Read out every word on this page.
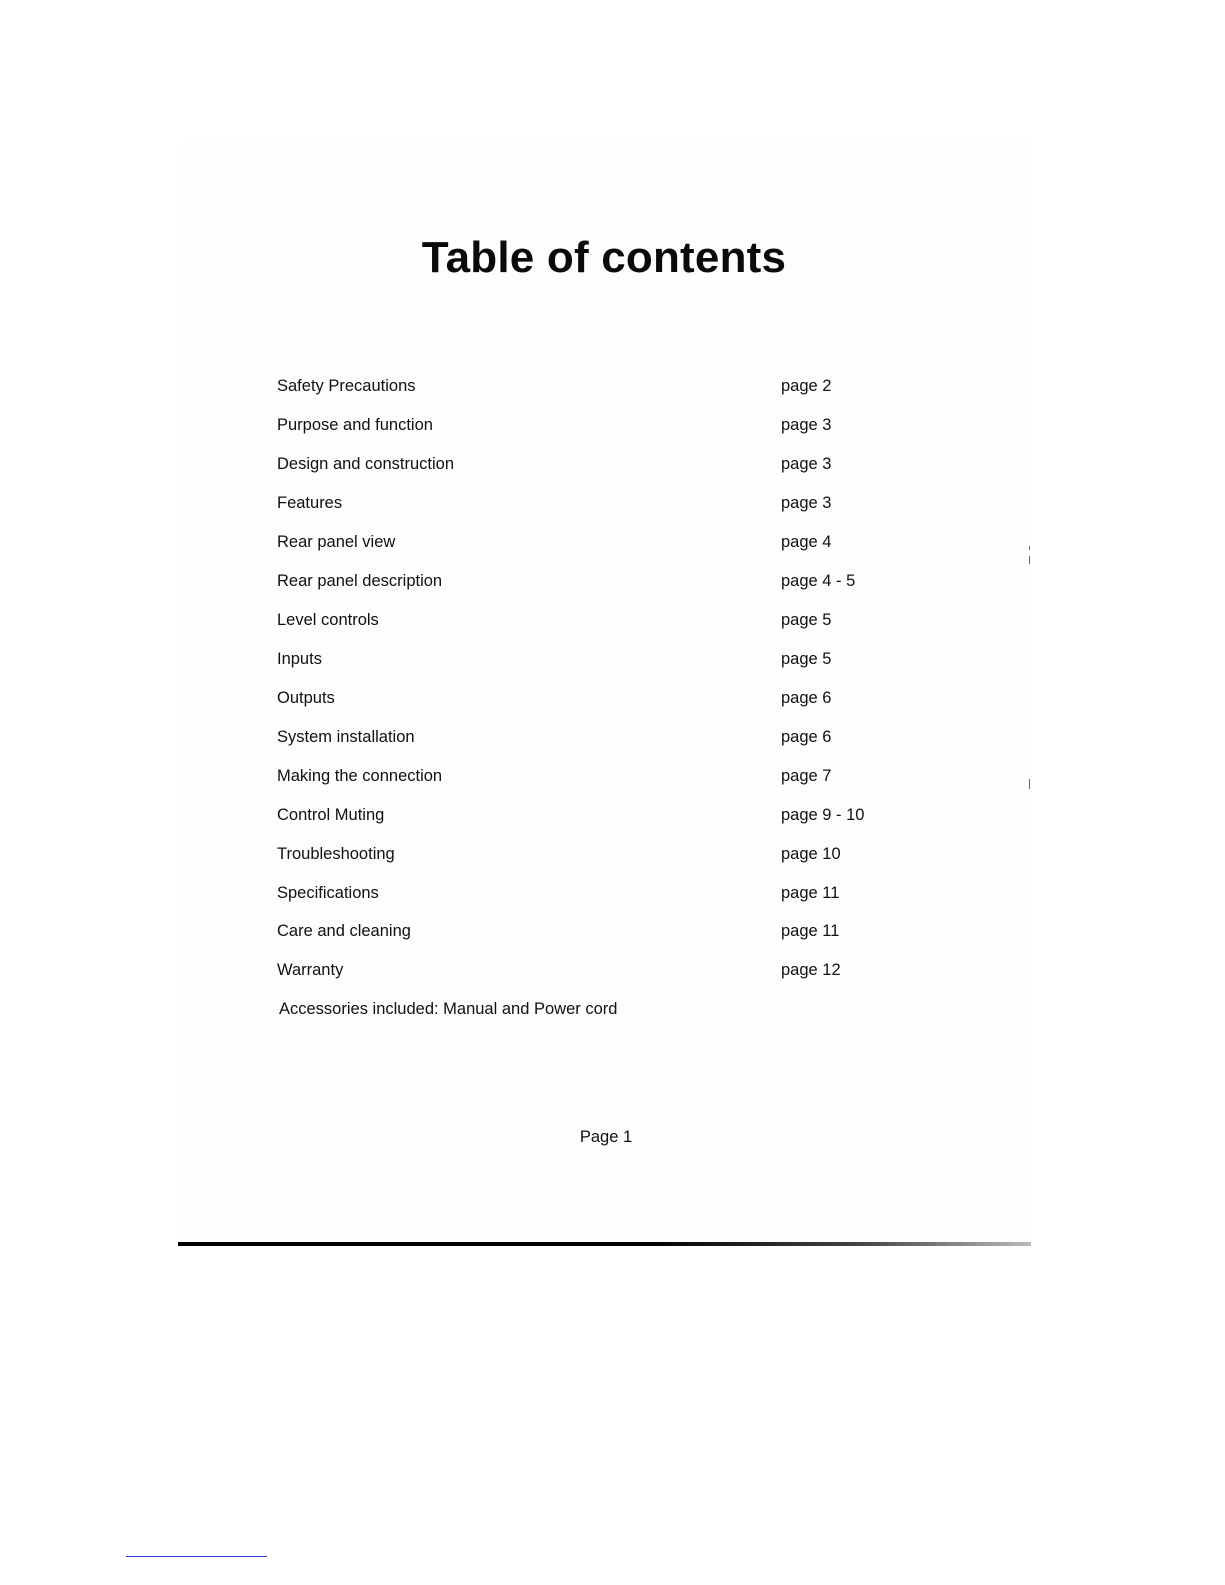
Table of contents
Safety Precautions	page 2
Purpose and function	page 3
Design and construction	page 3
Features	page 3
Rear panel view	page 4
Rear panel description	page 4 - 5
Level controls	page 5
Inputs	page 5
Outputs	page 6
System installation	page 6
Making the connection	page 7
Control Muting	page 9 - 10
Troubleshooting	page 10
Specifications	page 11
Care and cleaning	page 11
Warranty	page 12
Accessories included: Manual and Power cord
Page 1
